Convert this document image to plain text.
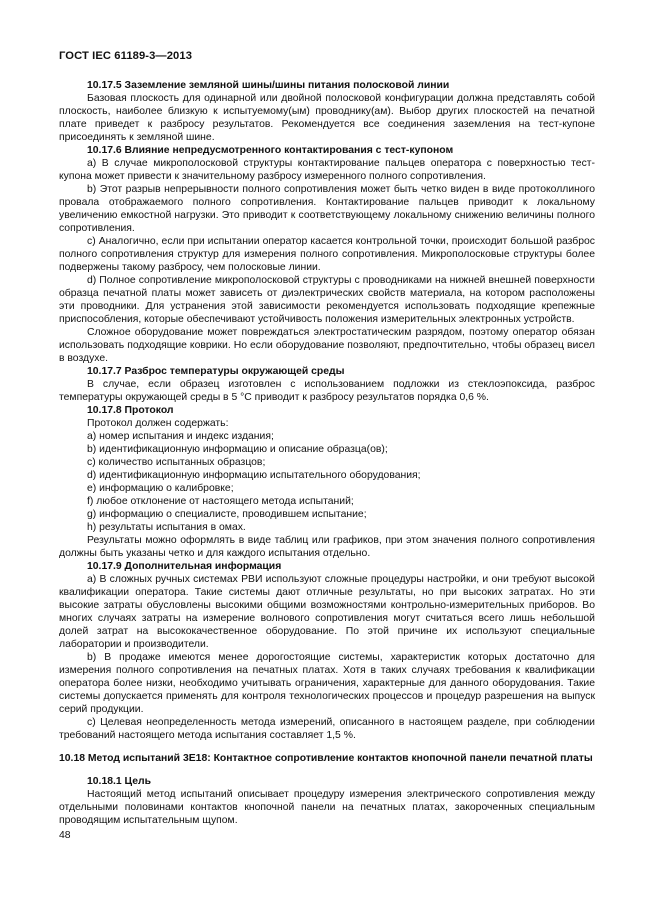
ГОСТ IEC 61189-3—2013

10.17.5 Заземление земляной шины/шины питания полосковой линии

Базовая плоскость для одинарной или двойной полосковой конфигурации должна представлять собой плоскость, наиболее близкую к испытуемому(ым) проводнику(ам). Выбор других плоскостей на печатной плате приведет к разбросу результатов. Рекомендуется все соединения заземления на тест-купоне присоединять к земляной шине.

10.17.6 Влияние непредусмотренного контактирования с тест-купоном

a) В случае микрополосковой структуры контактирование пальцев оператора с поверхностью тест-купона может привести к значительному разбросу измеренного полного сопротивления.

b) Этот разрыв непрерывности полного сопротивления может быть четко виден в виде протоколлиного провала отображаемого полного сопротивления. Контактирование пальцев приводит к локальному увеличению емкостной нагрузки. Это приводит к соответствующему локальному снижению величины полного сопротивления.

c) Аналогично, если при испытании оператор касается контрольной точки, происходит большой разброс полного сопротивления структур для измерения полного сопротивления. Микрополосковые структуры более подвержены такому разбросу, чем полосковые линии.

d) Полное сопротивление микрополосковой структуры с проводниками на нижней внешней поверхности образца печатной платы может зависеть от диэлектрических свойств материала, на котором расположены эти проводники. Для устранения этой зависимости рекомендуется использовать подходящие крепежные приспособления, которые обеспечивают устойчивость положения измерительных электронных устройств.

Сложное оборудование может повреждаться электростатическим разрядом, поэтому оператор обязан использовать подходящие коврики. Но если оборудование позволяют, предпочтительно, чтобы образец висел в воздухе.

10.17.7 Разброс температуры окружающей среды

В случае, если образец изготовлен с использованием подложки из стеклоэпоксида, разброс температуры окружающей среды в 5 °С приводит к разбросу результатов порядка 0,6 %.

10.17.8 Протокол

Протокол должен содержать:

a) номер испытания и индекс издания;

b) идентификационную информацию и описание образца(ов);

c) количество испытанных образцов;

d) идентификационную информацию испытательного оборудования;

e) информацию о калибровке;

f) любое отклонение от настоящего метода испытаний;

g) информацию о специалисте, проводившем испытание;

h) результаты испытания в омах.

Результаты можно оформлять в виде таблиц или графиков, при этом значения полного сопротивления должны быть указаны четко и для каждого испытания отдельно.

10.17.9 Дополнительная информация

a) В сложных ручных системах PBИ используют сложные процедуры настройки, и они требуют высокой квалификации оператора. Такие системы дают отличные результаты, но при высоких затратах. Но эти высокие затраты обусловлены высокими общими возможностями контрольно-измерительных приборов. Во многих случаях затраты на измерение волнового сопротивления могут считаться всего лишь небольшой долей затрат на высококачественное оборудование. По этой причине их используют специальные лаборатории и производители.

b) В продаже имеются менее дорогостоящие системы, характеристик которых достаточно для измерения полного сопротивления на печатных платах. Хотя в таких случаях требования к квалификации оператора более низки, необходимо учитывать ограничения, характерные для данного оборудования. Такие системы допускается применять для контроля технологических процессов и процедур разрешения на выпуск серий продукции.

c) Целевая неопределенность метода измерений, описанного в настоящем разделе, при соблюдении требований настоящего метода испытания составляет 1,5 %.

10.18 Метод испытаний 3E18: Контактное сопротивление контактов кнопочной панели печатной платы

10.18.1 Цель

Настоящий метод испытаний описывает процедуру измерения электрического сопротивления между отдельными половинами контактов кнопочной панели на печатных платах, закороченных специальным проводящим испытательным щупом.

48
